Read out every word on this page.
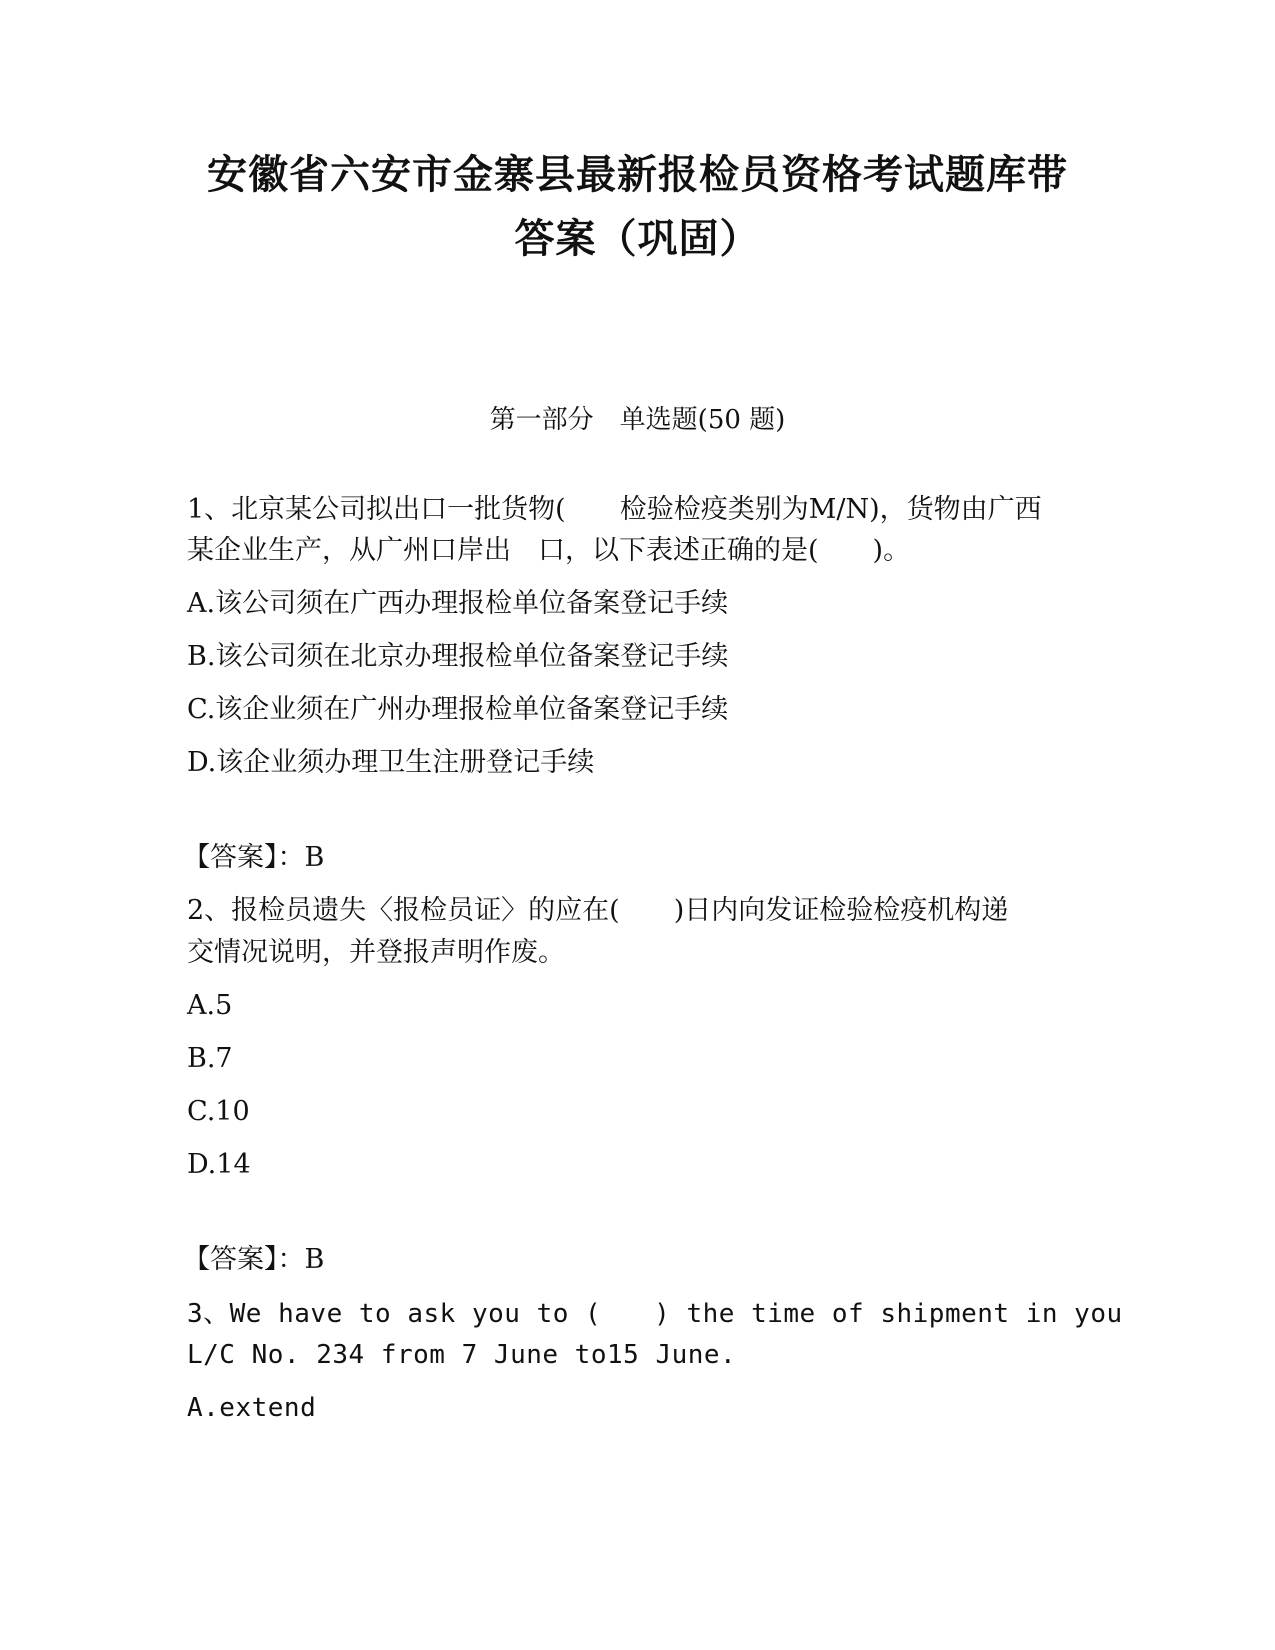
安徽省六安市金寨县最新报检员资格考试题库带
答案（巩固）
第一部分　单选题(50 题)

1、北京某公司拟出口一批货物(　　检验检疫类别为M/N)，货物由广西

某企业生产，从广州口岸出　口，以下表述正确的是(　　)。

A.该公司须在广西办理报检单位备案登记手续

B.该公司须在北京办理报检单位备案登记手续

C.该企业须在广州办理报检单位备案登记手续

D.该企业须办理卫生注册登记手续

【答案】：B

2、报检员遗失〈报检员证〉的应在(　　)日内向发证检验检疫机构递

交情况说明，并登报声明作废。

A.5

B.7

C.10

D.14

【答案】：B

3、We have to ask you to (　　) the time of shipment in you

L/C No. 234 from 7 June to15 June.

A.extend
